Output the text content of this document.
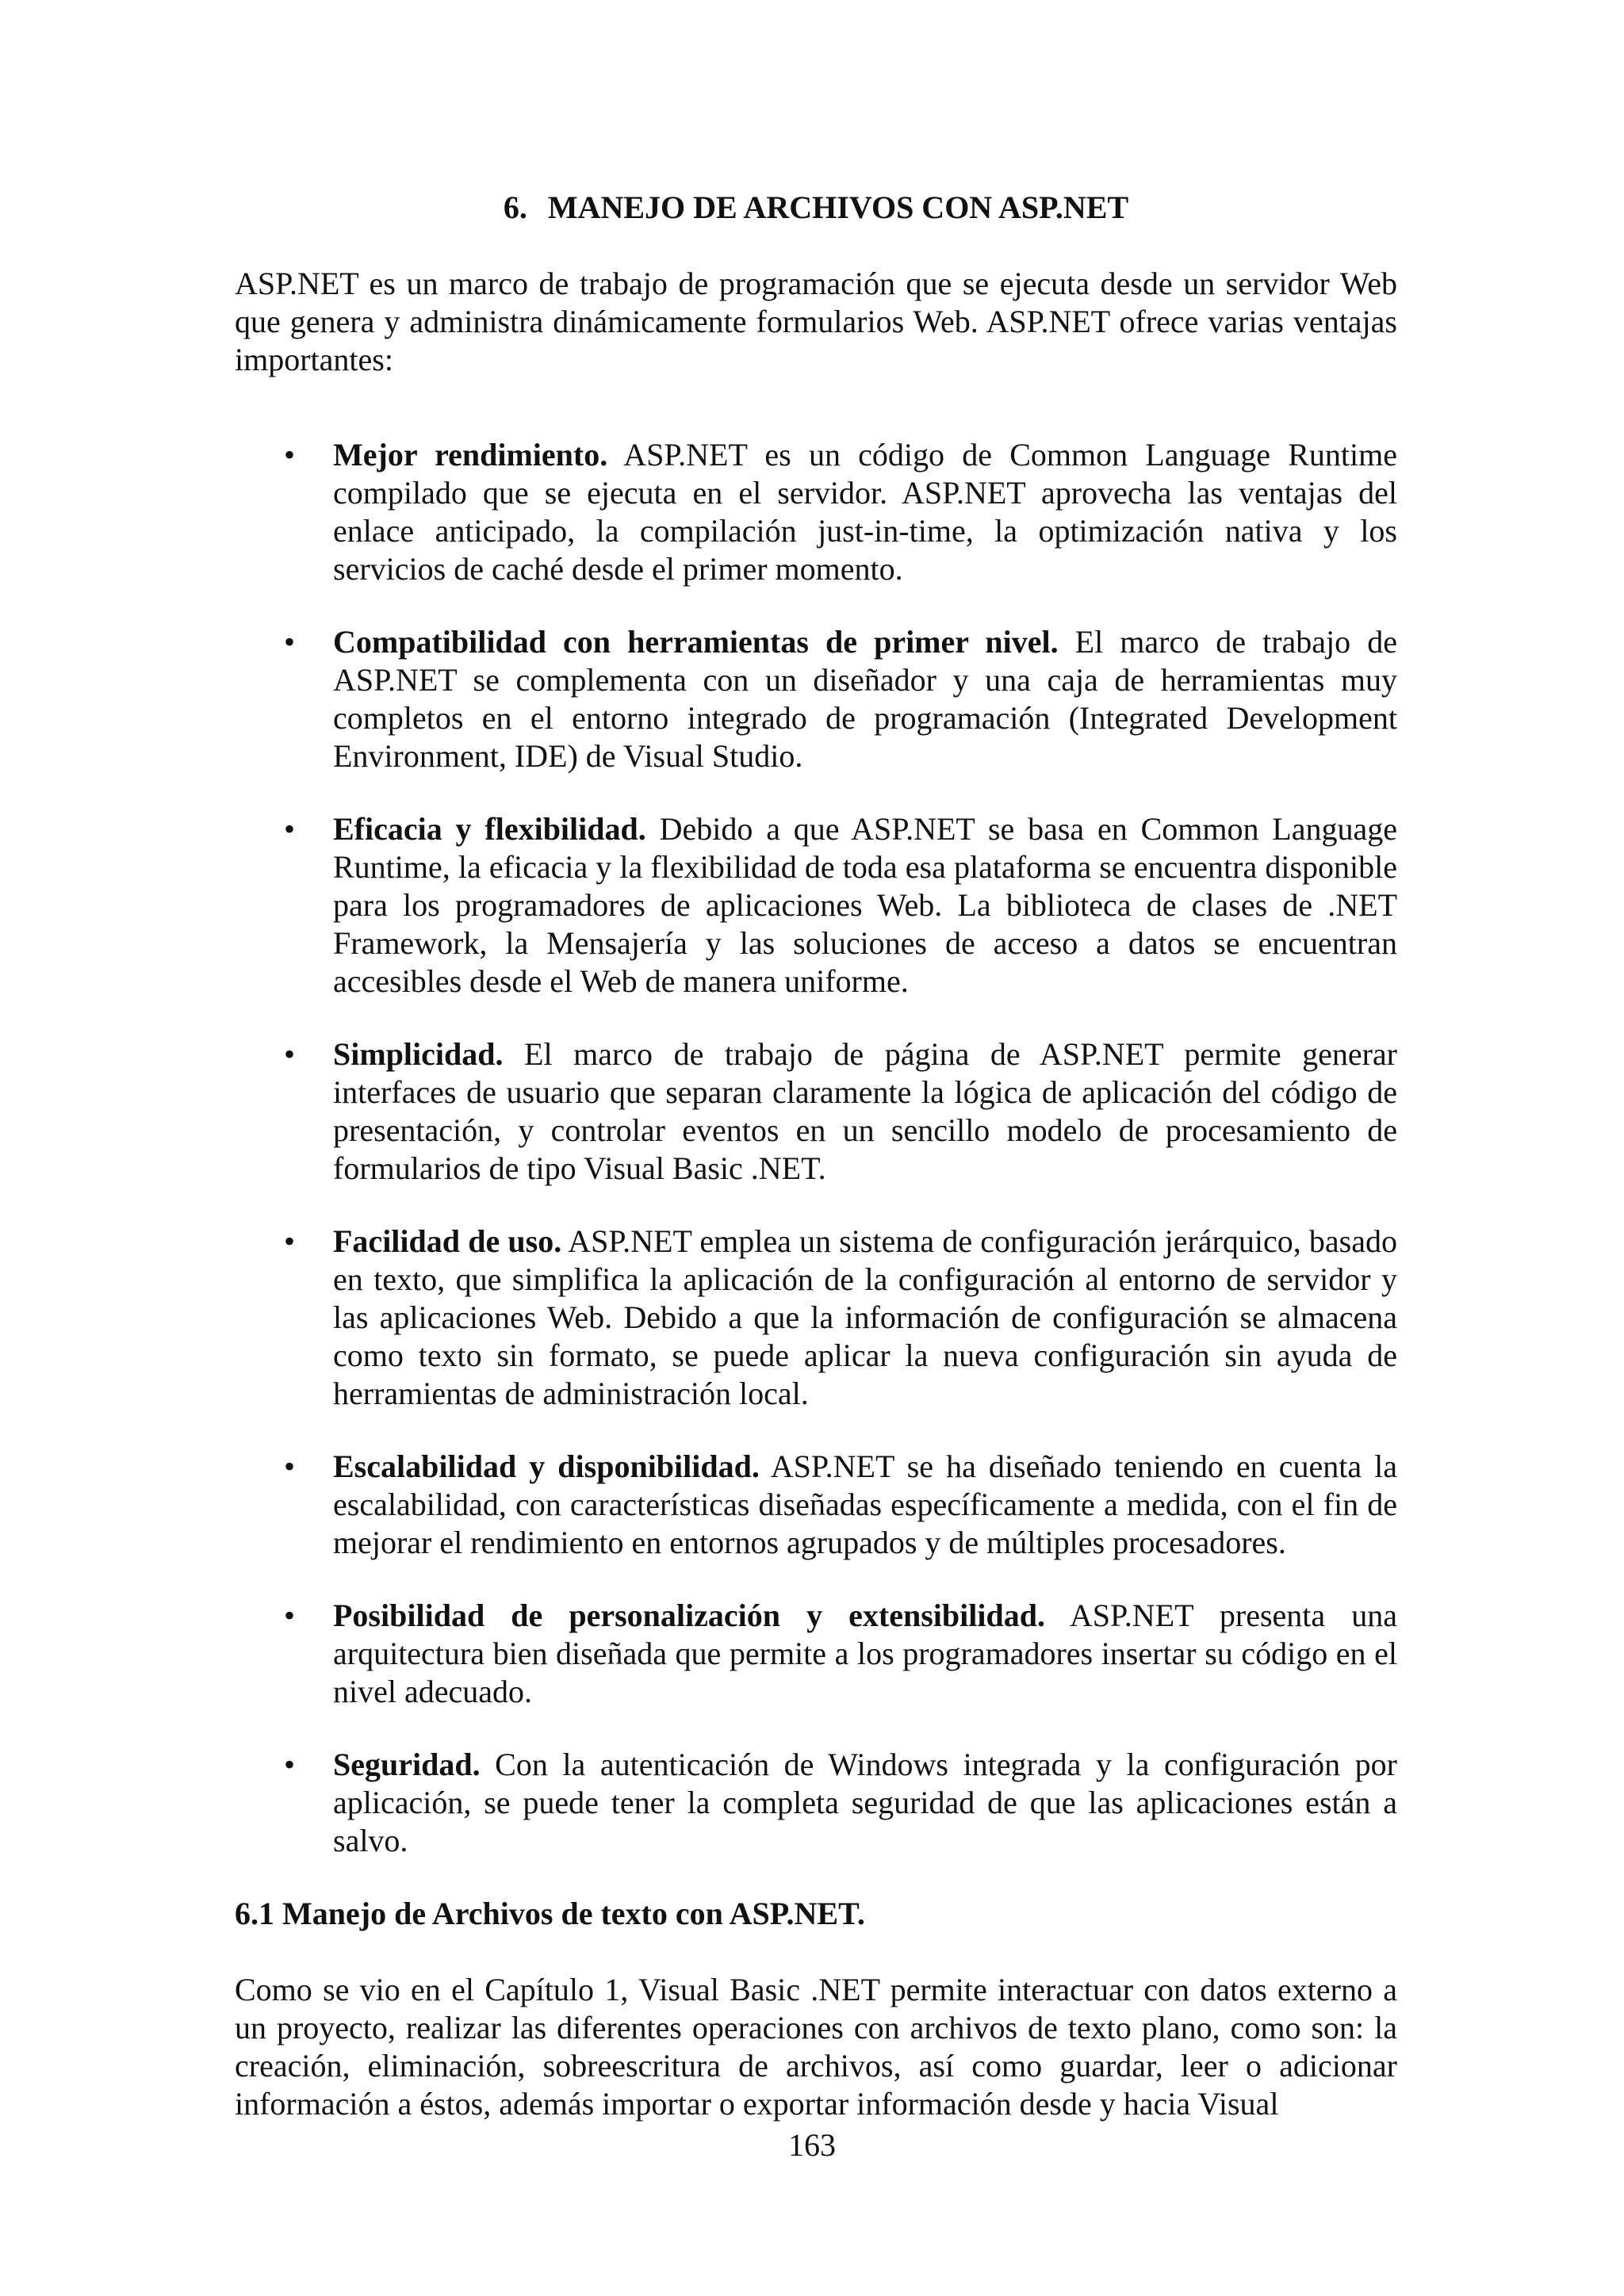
6. MANEJO DE ARCHIVOS CON ASP.NET

ASP.NET es un marco de trabajo de programación que se ejecuta desde un servidor Web que genera y administra dinámicamente formularios Web. ASP.NET ofrece varias ventajas importantes:

• Mejor rendimiento. ASP.NET es un código de Common Language Runtime compilado que se ejecuta en el servidor. ASP.NET aprovecha las ventajas del enlace anticipado, la compilación just-in-time, la optimización nativa y los servicios de caché desde el primer momento.
• Compatibilidad con herramientas de primer nivel. El marco de trabajo de ASP.NET se complementa con un diseñador y una caja de herramientas muy completos en el entorno integrado de programación (Integrated Development Environment, IDE) de Visual Studio.
• Eficacia y flexibilidad. Debido a que ASP.NET se basa en Common Language Runtime, la eficacia y la flexibilidad de toda esa plataforma se encuentra disponible para los programadores de aplicaciones Web. La biblioteca de clases de .NET Framework, la Mensajería y las soluciones de acceso a datos se encuentran accesibles desde el Web de manera uniforme.
• Simplicidad. El marco de trabajo de página de ASP.NET permite generar interfaces de usuario que separan claramente la lógica de aplicación del código de presentación, y controlar eventos en un sencillo modelo de procesamiento de formularios de tipo Visual Basic .NET.
• Facilidad de uso. ASP.NET emplea un sistema de configuración jerárquico, basado en texto, que simplifica la aplicación de la configuración al entorno de servidor y las aplicaciones Web. Debido a que la información de configuración se almacena como texto sin formato, se puede aplicar la nueva configuración sin ayuda de herramientas de administración local.
• Escalabilidad y disponibilidad. ASP.NET se ha diseñado teniendo en cuenta la escalabilidad, con características diseñadas específicamente a medida, con el fin de mejorar el rendimiento en entornos agrupados y de múltiples procesadores.
• Posibilidad de personalización y extensibilidad. ASP.NET presenta una arquitectura bien diseñada que permite a los programadores insertar su código en el nivel adecuado.
• Seguridad. Con la autenticación de Windows integrada y la configuración por aplicación, se puede tener la completa seguridad de que las aplicaciones están a salvo.
6.1 Manejo de Archivos de texto con ASP.NET.

Como se vio en el Capítulo 1, Visual Basic .NET permite interactuar con datos externo a un proyecto, realizar las diferentes operaciones con archivos de texto plano, como son: la creación, eliminación, sobreescritura de archivos, así como guardar, leer o adicionar información a éstos, además importar o exportar información desde y hacia Visual

163
